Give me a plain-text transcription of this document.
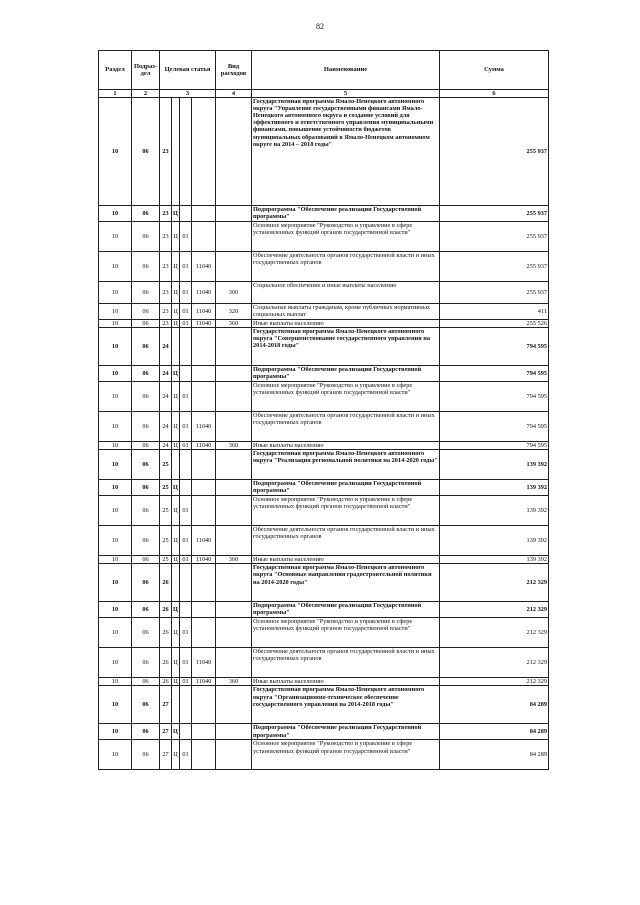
82
Раздел	Подраз-дел	Целевая статья				Вид расходов	Наименование	Сумма
1	2	3				4	5	6
10	06	23					Государственная программа Ямало-Ненецкого автономного округа "Управление государственными финансами Ямало-Ненецкого автономного округа и создание условий для эффективного и ответственного управления муниципальными финансами, повышение устойчивости бюджетов муниципальных образований в Ямало-Ненецком автономном округе на 2014 – 2018 годы"	255 937
10	06	23	Ц				Подпрограмма "Обеспечение реализации Государственной программы"	255 937
10	06	23	Ц	01			Основное мероприятие "Руководство и управление в сфере установленных функций органов государственной власти"	255 937
10	06	23	Ц	01	11040		Обеспечение деятельности органов государственной власти и иных государственных органов	255 937
10	06	23	Ц	01	11040	300	Социальное обеспечение и иные выплаты населению	255 937
10	06	23	Ц	01	11040	320	Социальные выплаты гражданам, кроме публичных нормативных социальных выплат	411
10	06	23	Ц	01	11040	360	Иные выплаты населению	255 526
10	06	24					Государственная программа Ямало-Ненецкого автономного округа "Совершенствование государственного управления на 2014-2018 годы"	794 595
10	06	24	Ц				Подпрограмма "Обеспечение реализации Государственной программы"	794 595
10	06	24	Ц	01			Основное мероприятие "Руководство и управление в сфере установленных функций органов государственной власти"	794 595
10	06	24	Ц	01	11040		Обеспечение деятельности органов государственной власти и иных государственных органов	794 595
10	06	24	Ц	01	11040	360	Иные выплаты населению	794 595
10	06	25					Государственная программа Ямало-Ненецкого автономного округа "Реализация региональной политики на 2014-2020 годы"	139 392
10	06	25	Ц				Подпрограмма "Обеспечение реализации Государственной программы"	139 392
10	06	25	Ц	01			Основное мероприятие "Руководство и управление в сфере установленных функций органов государственной власти"	139 392
10	06	25	Ц	01	11040		Обеспечение деятельности органов государственной власти и иных государственных органов	139 392
10	06	25	Ц	01	11040	360	Иные выплаты населению	139 392
10	06	26					Государственная программа Ямало-Ненецкого автономного округа "Основные направления градостроительной политики на 2014-2020 годы"	212 329
10	06	26	Ц				Подпрограмма "Обеспечение реализации Государственной программы"	212 329
10	06	26	Ц	01			Основное мероприятие "Руководство и управление в сфере установленных функций органов государственной власти"	212 329
10	06	26	Ц	01	11040		Обеспечение деятельности органов государственной власти и иных государственных органов	212 329
10	06	26	Ц	01	11040	360	Иные выплаты населению	212 329
10	06	27					Государственная программа Ямало-Ненецкого автономного округа "Организационно-техническое обеспечение государственного управления на 2014-2018 годы"	84 289
10	06	27	Ц				Подпрограмма "Обеспечение реализации Государственной программы"	84 289
10	06	27	Ц	01			Основное мероприятие "Руководство и управление в сфере установленных функций органов государственной власти"	84 289
